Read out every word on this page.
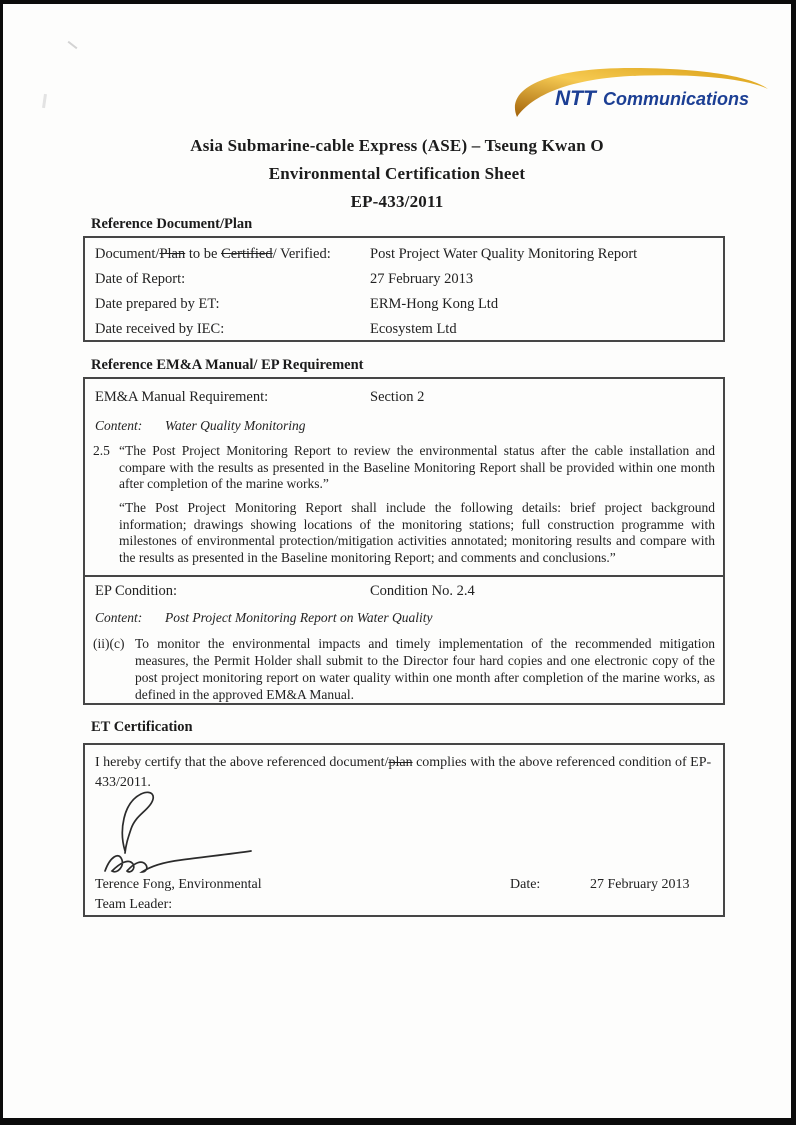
NTT Communications
Asia Submarine-cable Express (ASE) – Tseung Kwan O
Environmental Certification Sheet
EP-433/2011
Reference Document/Plan
Document/Plan to be Certified/ Verified:	Post Project Water Quality Monitoring Report
Date of Report:	27 February 2013
Date prepared by ET:	ERM-Hong Kong Ltd
Date received by IEC:	Ecosystem Ltd
Reference EM&A Manual/ EP Requirement
EM&A Manual Requirement:	Section 2
Content:	Water Quality Monitoring
2.5 “The Post Project Monitoring Report to review the environmental status after the cable installation and compare with the results as presented in the Baseline Monitoring Report shall be provided within one month after completion of the marine works.”
“The Post Project Monitoring Report shall include the following details: brief project background information; drawings showing locations of the monitoring stations; full construction programme with milestones of environmental protection/mitigation activities annotated; monitoring results and compare with the results as presented in the Baseline monitoring Report; and comments and conclusions.”
EP Condition:	Condition No. 2.4
Content:	Post Project Monitoring Report on Water Quality
(ii)(c) To monitor the environmental impacts and timely implementation of the recommended mitigation measures, the Permit Holder shall submit to the Director four hard copies and one electronic copy of the post project monitoring report on water quality within one month after completion of the marine works, as defined in the approved EM&A Manual.
ET Certification
I hereby certify that the above referenced document/plan complies with the above referenced condition of EP-433/2011.
Terence Fong, Environmental
Team Leader:
Date:	27 February 2013
